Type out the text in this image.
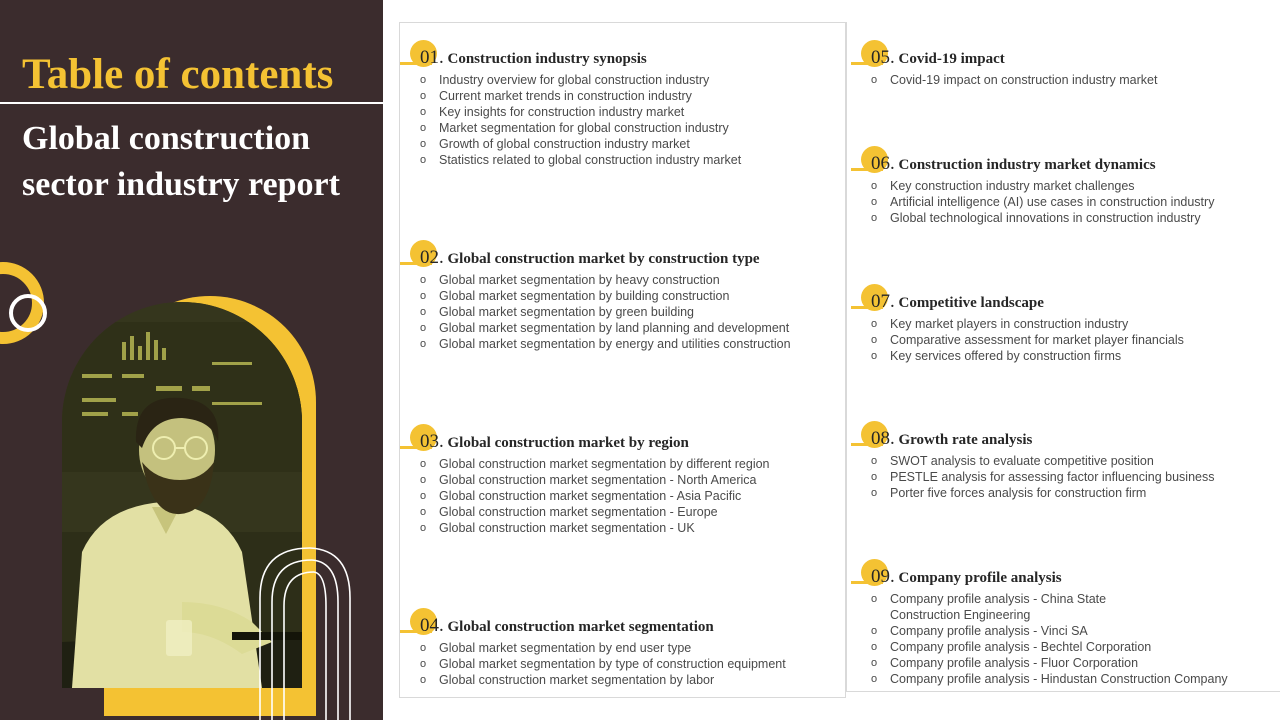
Table of contents
Global construction sector industry report

01. Construction industry synopsis

o Industry overview for global construction industry
o Current market trends in construction industry
o Key insights for construction industry market
o Market segmentation for global construction industry
o Growth of global construction industry market
o Statistics related to global construction industry market

02. Global construction market by construction type

o Global market segmentation by heavy construction
o Global market segmentation by building construction
o Global market segmentation by green building
o Global market segmentation by land planning and development
o Global market segmentation by energy and utilities construction

03. Global construction market by region

o Global construction market segmentation by different region
o Global construction market segmentation - North America
o Global construction market segmentation - Asia Pacific
o Global construction market segmentation - Europe
o Global construction market segmentation - UK

04. Global construction market segmentation

o Global market segmentation by end user type
o Global market segmentation by type of construction equipment
o Global construction market segmentation by labor

05. Covid-19 impact

o Covid-19 impact on construction industry market

06. Construction industry market dynamics

o Key construction industry market challenges
o Artificial intelligence (AI) use cases in construction industry
o Global technological innovations in construction industry

07. Competitive landscape

o Key market players in construction industry
o Comparative assessment for market player financials
o Key services offered by construction firms

08. Growth rate analysis

o SWOT analysis to evaluate competitive position
o PESTLE analysis for assessing factor influencing business
o Porter five forces analysis for construction firm

09. Company profile analysis

o Company profile analysis - China State
Construction Engineering
o Company profile analysis - Vinci SA
o Company profile analysis - Bechtel Corporation
o Company profile analysis - Fluor Corporation
o Company profile analysis - Hindustan Construction Company
